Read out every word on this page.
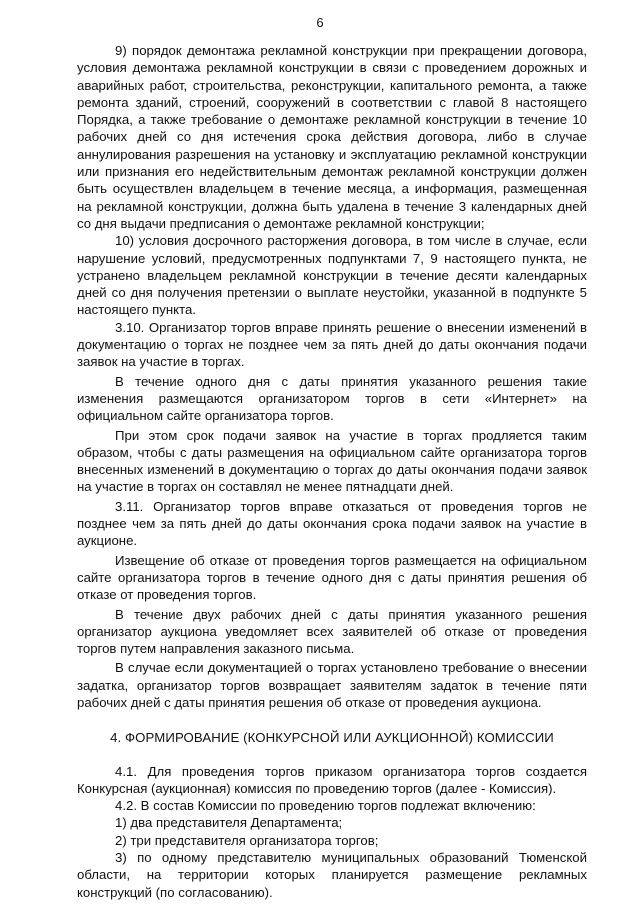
6

9) порядок демонтажа рекламной конструкции при прекращении договора, условия демонтажа рекламной конструкции в связи с проведением дорожных и аварийных работ, строительства, реконструкции, капитального ремонта, а также ремонта зданий, строений, сооружений в соответствии с главой 8 настоящего Порядка, а также требование о демонтаже рекламной конструкции в течение 10 рабочих дней со дня истечения срока действия договора, либо в случае аннулирования разрешения на установку и эксплуатацию рекламной конструкции или признания его недействительным демонтаж рекламной конструкции должен быть осуществлен владельцем в течение месяца, а информация, размещенная на рекламной конструкции, должна быть удалена в течение 3 календарных дней со дня выдачи предписания о демонтаже рекламной конструкции;

10) условия досрочного расторжения договора, в том числе в случае, если нарушение условий, предусмотренных подпунктами 7, 9 настоящего пункта, не устранено владельцем рекламной конструкции в течение десяти календарных дней со дня получения претензии о выплате неустойки, указанной в подпункте 5 настоящего пункта.

3.10. Организатор торгов вправе принять решение о внесении изменений в документацию о торгах не позднее чем за пять дней до даты окончания подачи заявок на участие в торгах.

В течение одного дня с даты принятия указанного решения такие изменения размещаются организатором торгов в сети «Интернет» на официальном сайте организатора торгов.

При этом срок подачи заявок на участие в торгах продляется таким образом, чтобы с даты размещения на официальном сайте организатора торгов внесенных изменений в документацию о торгах до даты окончания подачи заявок на участие в торгах он составлял не менее пятнадцати дней.

3.11. Организатор торгов вправе отказаться от проведения торгов не позднее чем за пять дней до даты окончания срока подачи заявок на участие в аукционе.

Извещение об отказе от проведения торгов размещается на официальном сайте организатора торгов в течение одного дня с даты принятия решения об отказе от проведения торгов.

В течение двух рабочих дней с даты принятия указанного решения организатор аукциона уведомляет всех заявителей об отказе от проведения торгов путем направления заказного письма.

В случае если документацией о торгах установлено требование о внесении задатка, организатор торгов возвращает заявителям задаток в течение пяти рабочих дней с даты принятия решения об отказе от проведения аукциона.

4. ФОРМИРОВАНИЕ (КОНКУРСНОЙ ИЛИ АУКЦИОННОЙ) КОМИССИИ

4.1. Для проведения торгов приказом организатора торгов создается Конкурсная (аукционная) комиссия по проведению торгов (далее - Комиссия).

4.2. В состав Комиссии по проведению торгов подлежат включению:

1) два представителя Департамента;

2) три представителя организатора торгов;

3) по одному представителю муниципальных образований Тюменской области, на территории которых планируется размещение рекламных конструкций (по согласованию).
